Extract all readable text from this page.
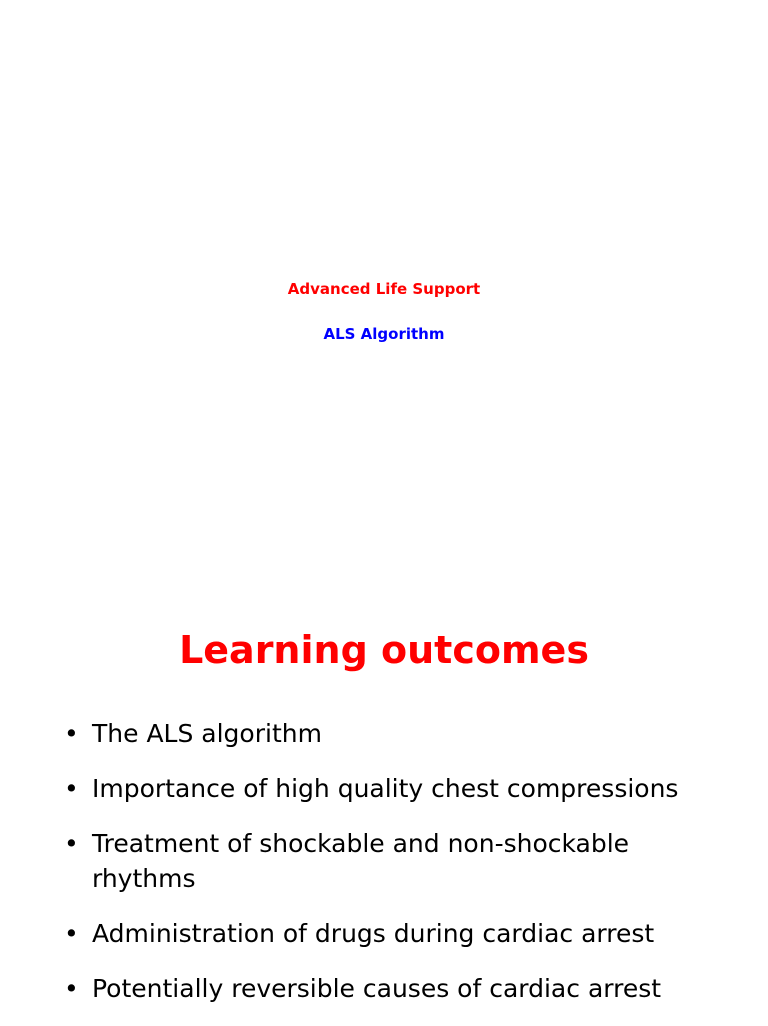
Advanced Life Support
ALS Algorithm
Learning outcomes
• The ALS algorithm
• Importance of high quality chest compressions
• Treatment of shockable and non-shockable rhythms
• Administration of drugs during cardiac arrest
• Potentially reversible causes of cardiac arrest
